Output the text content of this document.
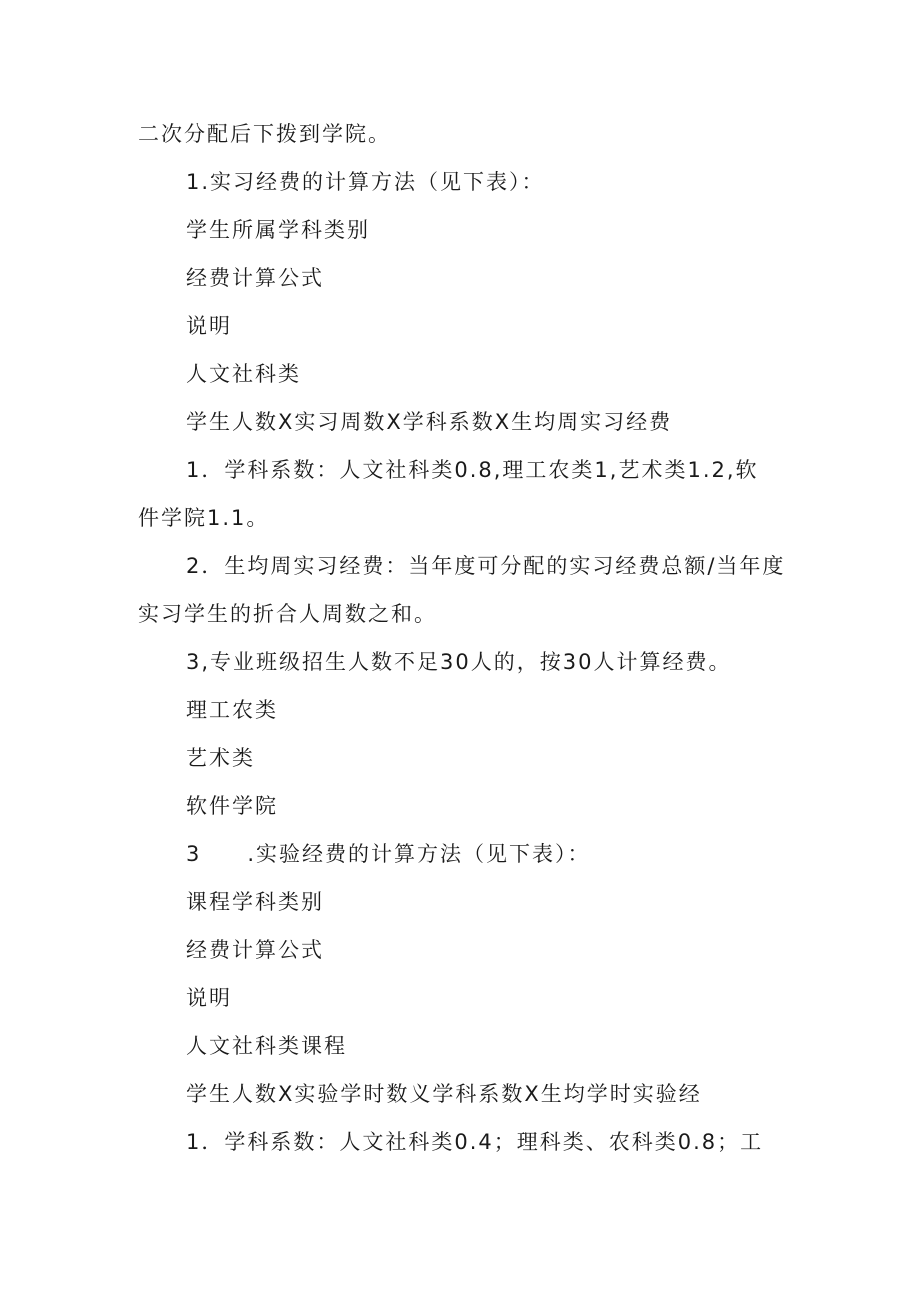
二次分配后下拨到学院。

1.实习经费的计算方法（见下表）：

学生所属学科类别

经费计算公式

说明

人文社科类

学生人数X实习周数X学科系数X生均周实习经费

1．学科系数：人文社科类0.8,理工农类1,艺术类1.2,软

件学院1.1。

2．生均周实习经费：当年度可分配的实习经费总额/当年度

实习学生的折合人周数之和。

3,专业班级招生人数不足30人的，按30人计算经费。

理工农类

艺术类

软件学院

3　　.实验经费的计算方法（见下表）：

课程学科类别

经费计算公式

说明

人文社科类课程

学生人数X实验学时数义学科系数X生均学时实验经

1．学科系数：人文社科类0.4；理科类、农科类0.8；工
